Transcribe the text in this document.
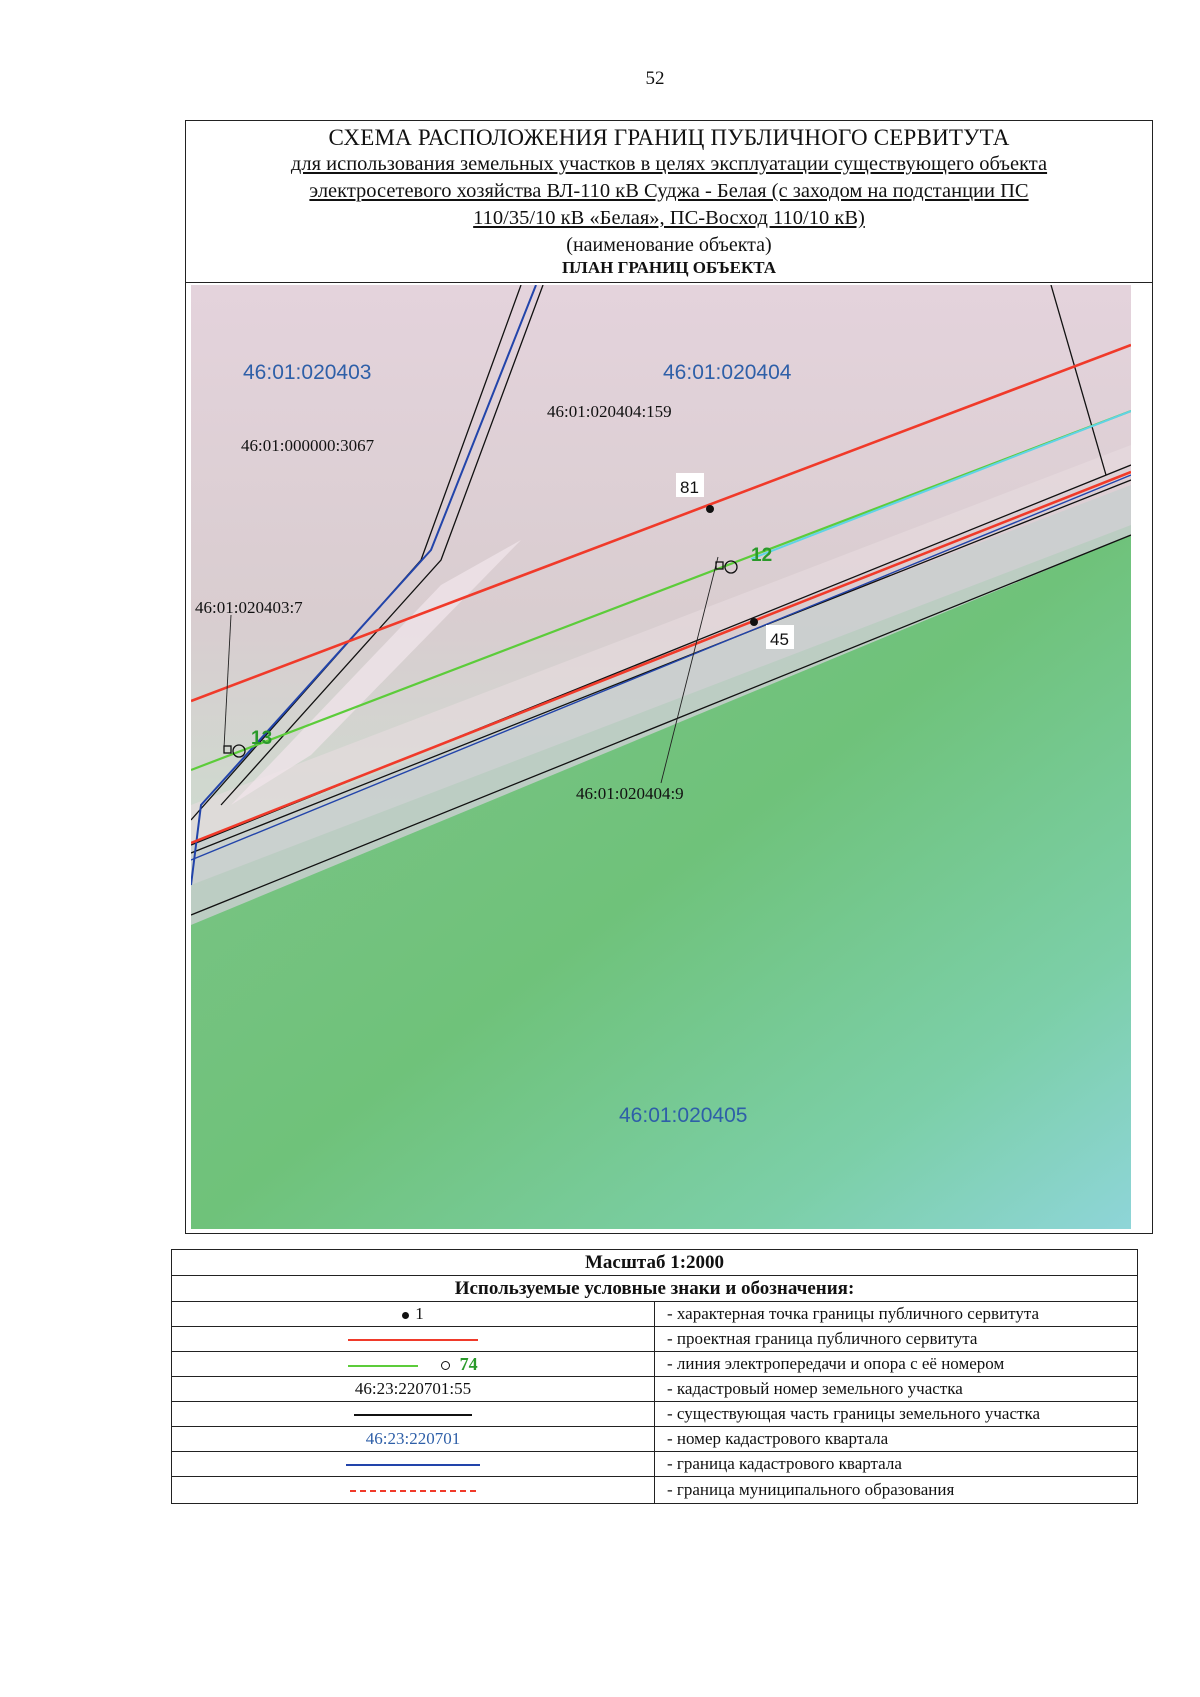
52
СХЕМА РАСПОЛОЖЕНИЯ ГРАНИЦ ПУБЛИЧНОГО СЕРВИТУТА
для использования земельных участков в целях эксплуатации существующего объекта
электросетевого хозяйства ВЛ-110 кВ Суджа - Белая (с заходом на подстанции ПС
110/35/10 кВ «Белая», ПС-Восход 110/10 кВ)
(наименование объекта)
ПЛАН ГРАНИЦ ОБЪЕКТА
46:01:020403	46:01:020404
46:01:020405
46:01:020404:159
46:01:000000:3067
46:01:020403:7
46:01:020404:9
81
45
12
13
Масштаб 1:2000	
Используемые условные знаки и обозначения:	
1	- характерная точка границы публичного сервитута
	- проектная граница публичного сервитута
74	- линия электропередачи и опора с её номером
46:23:220701:55	- кадастровый номер земельного участка
	- существующая часть границы земельного участка
46:23:220701	- номер кадастрового квартала
	- граница кадастрового квартала
	- граница муниципального образования
